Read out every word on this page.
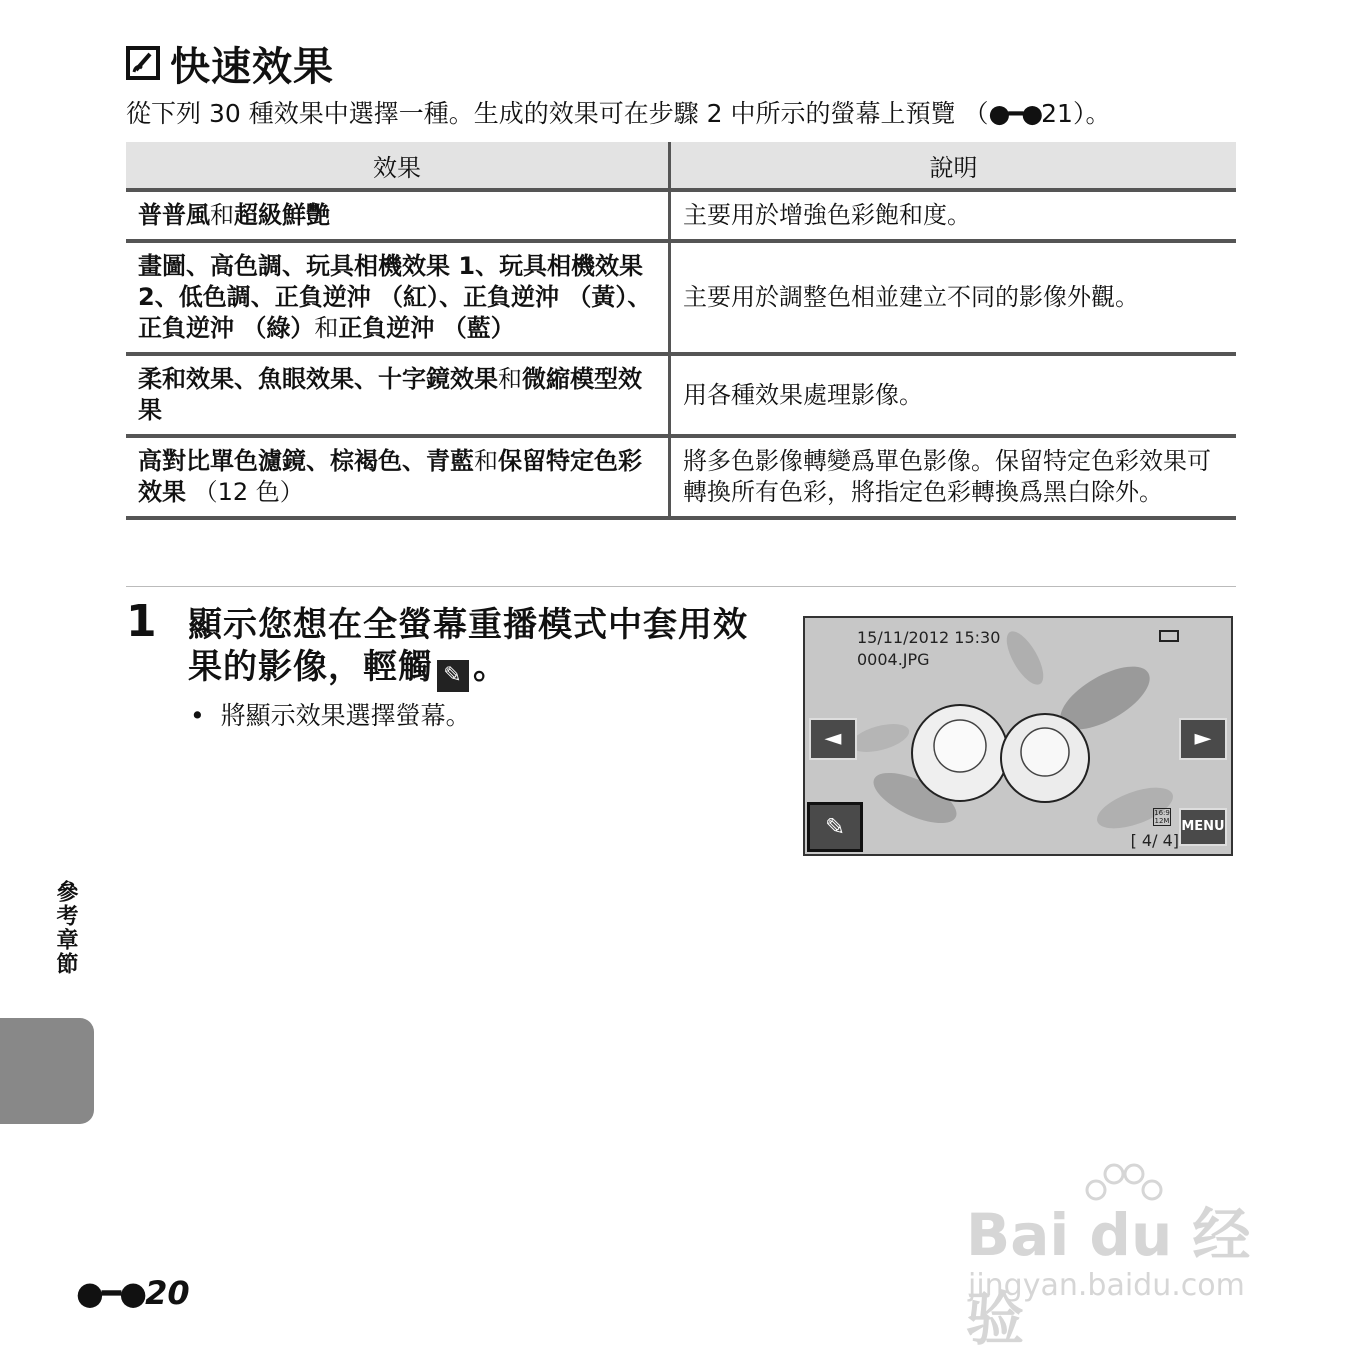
快速效果
從下列 30 種效果中選擇一種。生成的效果可在步驟 2 中所示的螢幕上預覽 （●━●21）。
效果	說明
普普風和超級鮮艷	主要用於增強色彩飽和度。
畫圖、高色調、玩具相機效果 1、玩具相機效果 2、低色調、正負逆沖 （紅）、正負逆沖 （黃）、正負逆沖 （綠）和正負逆沖 （藍）	主要用於調整色相並建立不同的影像外觀。
柔和效果、魚眼效果、十字鏡效果和微縮模型效果	用各種效果處理影像。
高對比單色濾鏡、棕褐色、青藍和保留特定色彩效果 （12 色）	將多色影像轉變爲單色影像。保留特定色彩效果可轉換所有色彩，將指定色彩轉換爲黑白除外。
1 顯示您想在全螢幕重播模式中套用效果的影像，輕觸 ✎ 。
•  將顯示效果選擇螢幕。
15/11/2012 15:30
0004.JPG
◄	►
✎	16:9 12M
[ 4/ 4]
MENU
參考章節
●━●20
Bai du 经验
jingyan.baidu.com
